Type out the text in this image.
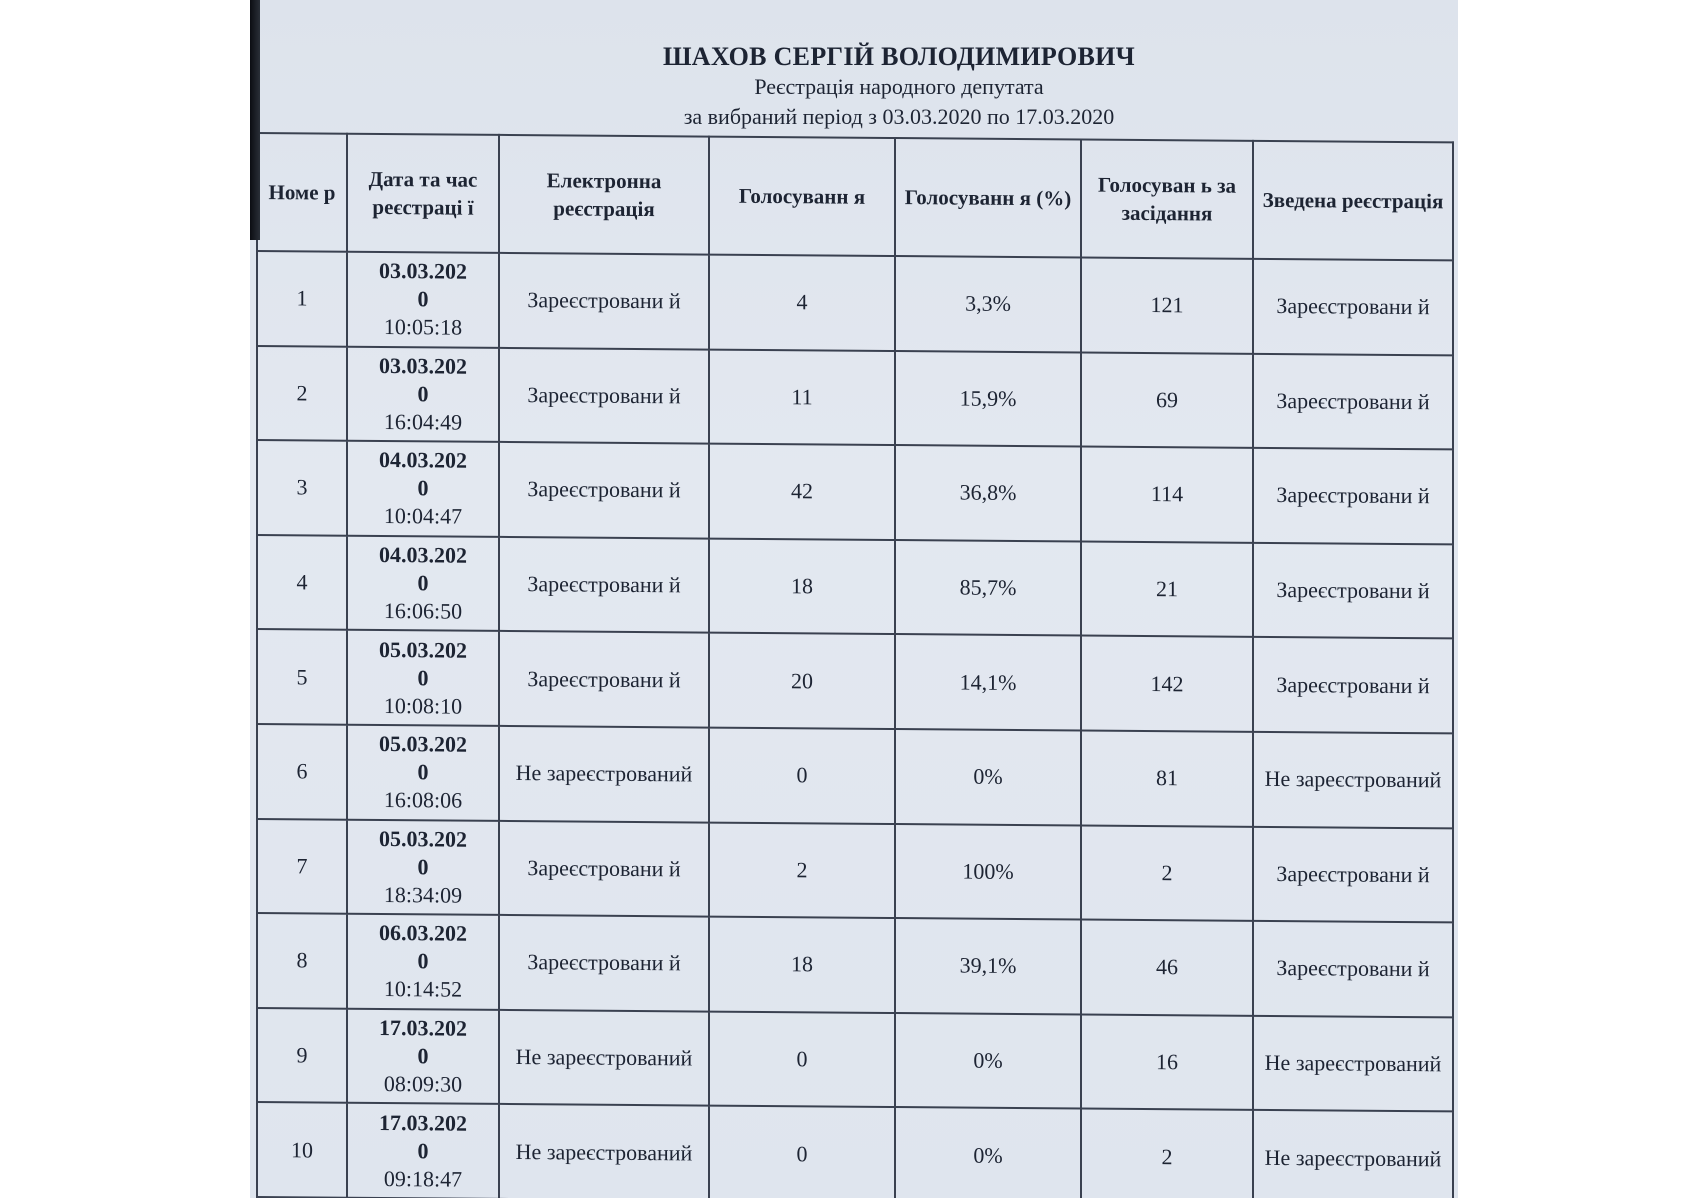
ШАХОВ СЕРГІЙ ВОЛОДИМИРОВИЧ
Реєстрація народного депутата
за вибраний період з 03.03.2020 по 17.03.2020
Номе р	Дата та час реєстраці ї	Електронна реєстрація	Голосуванн я	Голосуванн я (%)	Голосуван ь за засідання	Зведена реєстрація
1	03.03.202
0
10:05:18	Зареєстровани й	4	3,3%	121	Зареєстровани й
2	03.03.202
0
16:04:49	Зареєстровани й	11	15,9%	69	Зареєстровани й
3	04.03.202
0
10:04:47	Зареєстровани й	42	36,8%	114	Зареєстровани й
4	04.03.202
0
16:06:50	Зареєстровани й	18	85,7%	21	Зареєстровани й
5	05.03.202
0
10:08:10	Зареєстровани й	20	14,1%	142	Зареєстровани й
6	05.03.202
0
16:08:06	Не зареєстрований	0	0%	81	Не зареєстрований
7	05.03.202
0
18:34:09	Зареєстровани й	2	100%	2	Зареєстровани й
8	06.03.202
0
10:14:52	Зареєстровани й	18	39,1%	46	Зареєстровани й
9	17.03.202
0
08:09:30	Не зареєстрований	0	0%	16	Не зареєстрований
10	17.03.202
0
09:18:47	Не зареєстрований	0	0%	2	Не зареєстрований
